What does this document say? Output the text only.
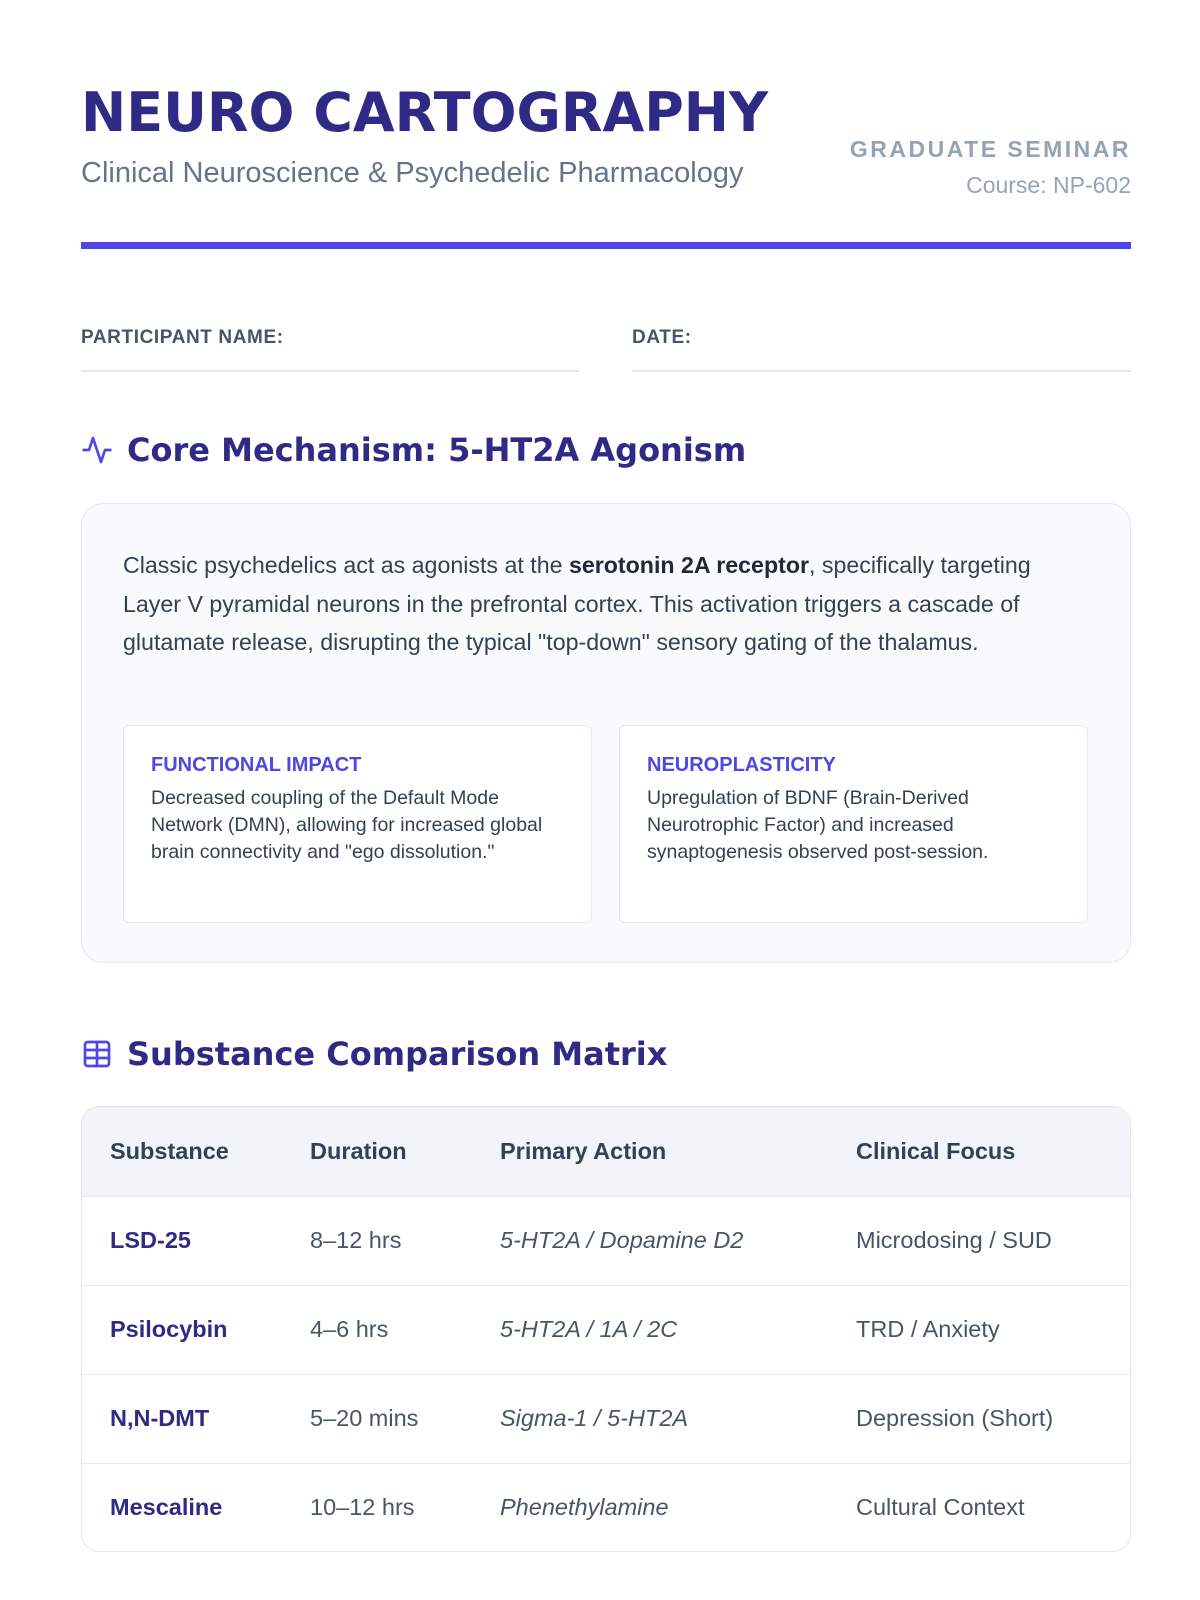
NEURO CARTOGRAPHY
Clinical Neuroscience & Psychedelic Pharmacology
GRADUATE SEMINAR
Course: NP-602
PARTICIPANT NAME:	DATE:
Core Mechanism: 5-HT2A Agonism

Classic psychedelics act as agonists at the serotonin 2A receptor, specifically targeting Layer V pyramidal neurons in the prefrontal cortex. This activation triggers a cascade of glutamate release, disrupting the typical "top-down" sensory gating of the thalamus.

FUNCTIONAL IMPACT
Decreased coupling of the Default Mode Network (DMN), allowing for increased global brain connectivity and "ego dissolution."
NEUROPLASTICITY
Upregulation of BDNF (Brain-Derived Neurotrophic Factor) and increased synaptogenesis observed post-session.
Substance Comparison Matrix
Substance	Duration	Primary Action	Clinical Focus
LSD-25	8–12 hrs	5-HT2A / Dopamine D2	Microdosing / SUD
Psilocybin	4–6 hrs	5-HT2A / 1A / 2C	TRD / Anxiety
N,N-DMT	5–20 mins	Sigma-1 / 5-HT2A	Depression (Short)
Mescaline	10–12 hrs	Phenethylamine	Cultural Context
